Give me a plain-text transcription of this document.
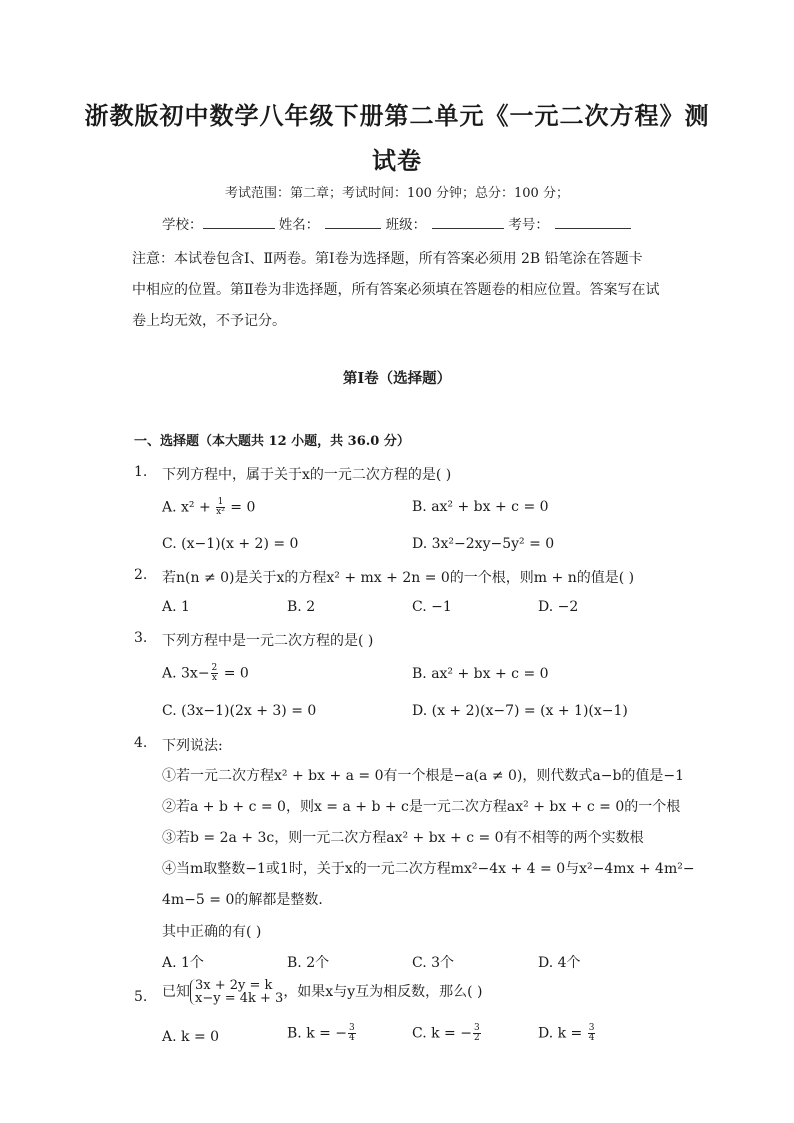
浙教版初中数学八年级下册第二单元《一元二次方程》测
试卷
考试范围：第二章；考试时间：100 分钟；总分：100 分；
学校：	姓名：	班级：	考号：
注意：本试卷包含Ⅰ、Ⅱ两卷。第Ⅰ卷为选择题，所有答案必须用 2B 铅笔涂在答题卡
中相应的位置。第Ⅱ卷为非选择题，所有答案必须填在答题卷的相应位置。答案写在试
卷上均无效，不予记分。
第Ⅰ卷（选择题）
一、选择题（本大题共 12 小题，共 36.0 分）
1. 下列方程中，属于关于x的一元二次方程的是( )
A. $x^2 + \frac{1}{\text{x²}} = 0$	B. ax² + bx + c = 0
C. (x−1)(x + 2) = 0	D. 3x²−2xy−5y² = 0
2. 若n(n ≠ 0)是关于x的方程x² + mx + 2n = 0的一个根，则m + n的值是( )
A. 1	B. 2	C. −1	D. −2
3. 下列方程中是一元二次方程的是( )
A. $3x- \frac{2}{x} = 0$	B. ax² + bx + c = 0
C. (3x−1)(2x + 3) = 0	D. (x + 2)(x−7) = (x + 1)(x−1)
4. 下列说法:
①若一元二次方程x² + bx + a = 0有一个根是−a(a ≠ 0)，则代数式a−b的值是−1
②若a + b + c = 0，则x = a + b + c是一元二次方程ax² + bx + c = 0的一个根
③若b = 2a + 3c，则一元二次方程ax² + bx + c = 0有不相等的两个实数根
④当m取整数−1或1时，关于x的一元二次方程mx²−4x + 4 = 0与x²−4mx + 4m²−
4m−5 = 0的解都是整数．
其中正确的有( )
A. 1个	B. 2个	C. 3个	D. 4个
5. 已知 3x + 2y = k
x−y = 4k + 3 ，如果x与y互为相反数，那么( )
A. k = 0	B. k = − $\frac{3}{4}$	C. k = − $\frac{3}{2}$	D. $k = \frac{3}{4}$
